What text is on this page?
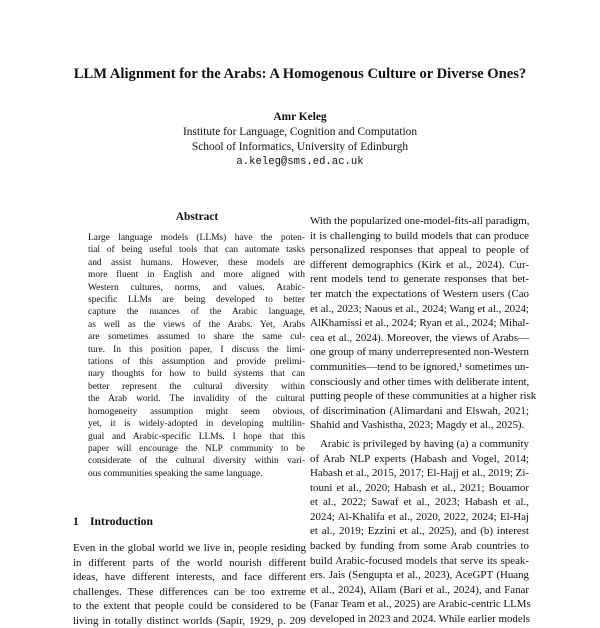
LLM Alignment for the Arabs: A Homogenous Culture or Diverse Ones?
Amr Keleg
Institute for Language, Cognition and Computation
School of Informatics, University of Edinburgh
a.keleg@sms.ed.ac.uk
Abstract
Large language models (LLMs) have the poten-
tial of being useful tools that can automate tasks
and assist humans. However, these models are
more fluent in English and more aligned with
Western cultures, norms, and values. Arabic-
specific LLMs are being developed to better
capture the nuances of the Arabic language,
as well as the views of the Arabs. Yet, Arabs
are sometimes assumed to share the same cul-
ture. In this position paper, I discuss the limi-
tations of this assumption and provide prelimi-
nary thoughts for how to build systems that can
better represent the cultural diversity within
the Arab world. The invalidity of the cultural
homogeneity assumption might seem obvious,
yet, it is widely-adopted in developing multilin-
gual and Arabic-specific LLMs. I hope that this
paper will encourage the NLP community to be
considerate of the cultural diversity within vari-
ous communities speaking the same language.
1 Introduction
Even in the global world we live in, people residing
in different parts of the world nourish different
ideas, have different interests, and face different
challenges. These differences can be too extreme
to the extent that people could be considered to be
living in totally distinct worlds (Sapir, 1929, p. 209
With the popularized one-model-fits-all paradigm,
it is challenging to build models that can produce
personalized responses that appeal to people of
different demographics (Kirk et al., 2024). Cur-
rent models tend to generate responses that bet-
ter match the expectations of Western users (Cao
et al., 2023; Naous et al., 2024; Wang et al., 2024;
AlKhamissi et al., 2024; Ryan et al., 2024; Mihal-
cea et al., 2024). Moreover, the views of Arabs—
one group of many underrepresented non-Western
communities—tend to be ignored,¹ sometimes un-
consciously and other times with deliberate intent,
putting people of these communities at a higher risk
of discrimination (Alimardani and Elswah, 2021;
Shahid and Vashistha, 2023; Magdy et al., 2025).
Arabic is privileged by having (a) a community
of Arab NLP experts (Habash and Vogel, 2014;
Habash et al., 2015, 2017; El-Hajj et al., 2019; Zi-
touni et al., 2020; Habash et al., 2021; Bouamor
et al., 2022; Sawaf et al., 2023; Habash et al.,
2024; Al-Khalifa et al., 2020, 2022, 2024; El-Haj
et al., 2019; Ezzini et al., 2025), and (b) interest
backed by funding from some Arab countries to
build Arabic-focused models that serve its speak-
ers. Jais (Sengupta et al., 2023), AceGPT (Huang
et al., 2024), Allam (Bari et al., 2024), and Fanar
(Fanar Team et al., 2025) are Arabic-centric LLMs
developed in 2023 and 2024. While earlier models
